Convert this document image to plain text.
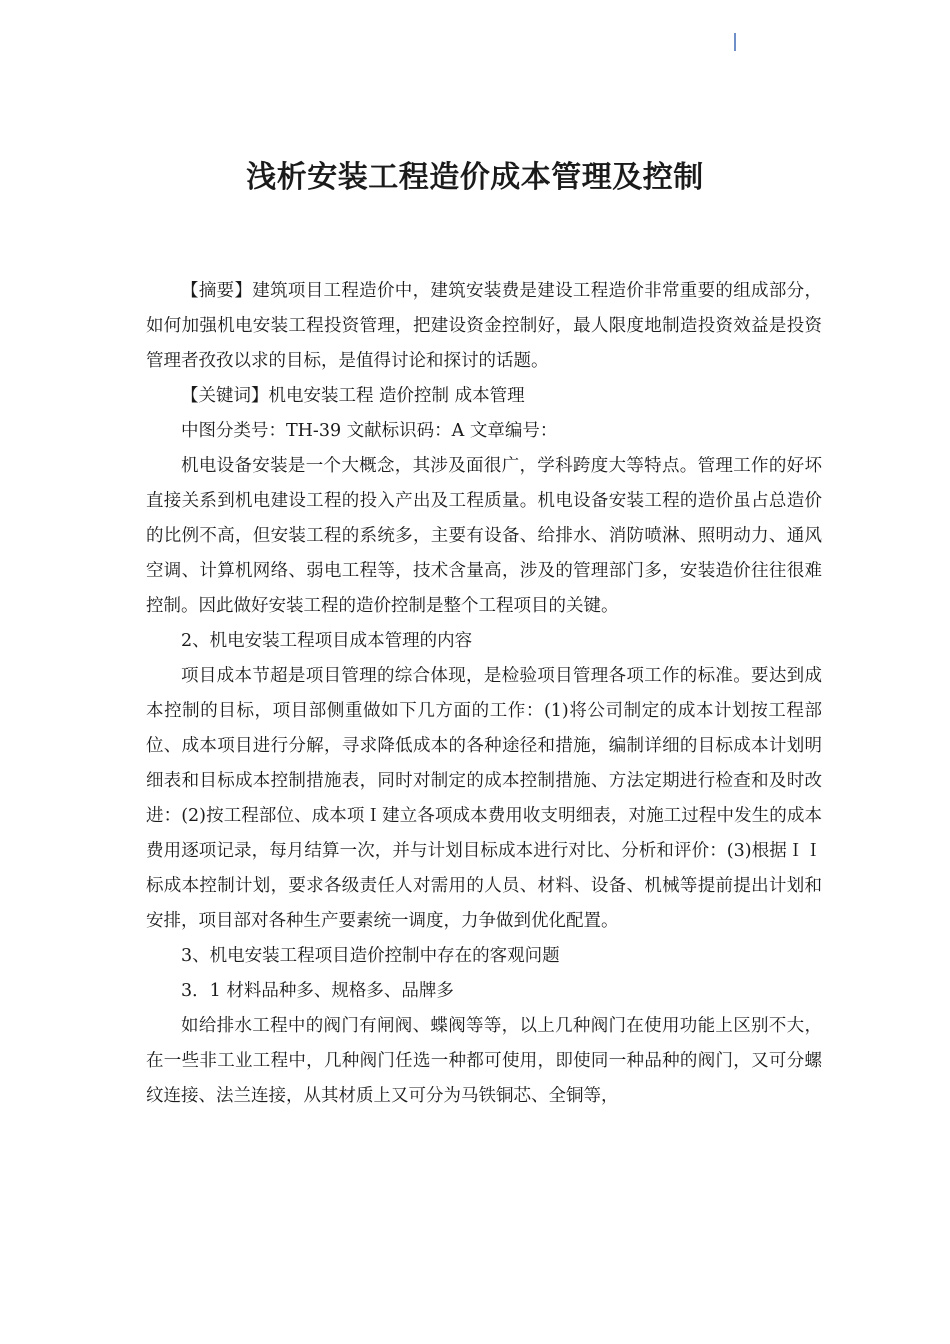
浅析安装工程造价成本管理及控制

【摘要】建筑项目工程造价中，建筑安装费是建设工程造价非常重要的组成部分，如何加强机电安装工程投资管理，把建设资金控制好，最人限度地制造投资效益是投资管理者孜孜以求的目标，是值得讨论和探讨的话题。

【关键词】机电安装工程 造价控制 成本管理

中图分类号：TH-39 文献标识码：A 文章编号：

机电设备安装是一个大概念，其涉及面很广，学科跨度大等特点。管理工作的好坏直接关系到机电建设工程的投入产出及工程质量。机电设备安装工程的造价虽占总造价的比例不高，但安装工程的系统多，主要有设备、给排水、消防喷淋、照明动力、通风空调、计算机网络、弱电工程等，技术含量高，涉及的管理部门多，安装造价往往很难控制。因此做好安装工程的造价控制是整个工程项目的关键。

2、机电安装工程项目成本管理的内容

项目成本节超是项目管理的综合体现，是检验项目管理各项工作的标准。要达到成本控制的目标，项目部侧重做如下几方面的工作：(1)将公司制定的成本计划按工程部位、成本项目进行分解，寻求降低成本的各种途径和措施，编制详细的目标成本计划明细表和目标成本控制措施表，同时对制定的成本控制措施、方法定期进行检查和及时改进：(2)按工程部位、成本项Ｉ建立各项成本费用收支明细表，对施工过程中发生的成本费用逐项记录，每月结算一次，并与计划目标成本进行对比、分析和评价：(3)根据ＩＩ标成本控制计划，要求各级责任人对需用的人员、材料、设备、机械等提前提出计划和安排，项目部对各种生产要素统一调度，力争做到优化配置。

3、机电安装工程项目造价控制中存在的客观问题

3．1 材料品种多、规格多、品牌多

如给排水工程中的阀门有闸阀、蝶阀等等，以上几种阀门在使用功能上区别不大，在一些非工业工程中，几种阀门任选一种都可使用，即使同一种品种的阀门，又可分螺纹连接、法兰连接，从其材质上又可分为马铁铜芯、全铜等，
